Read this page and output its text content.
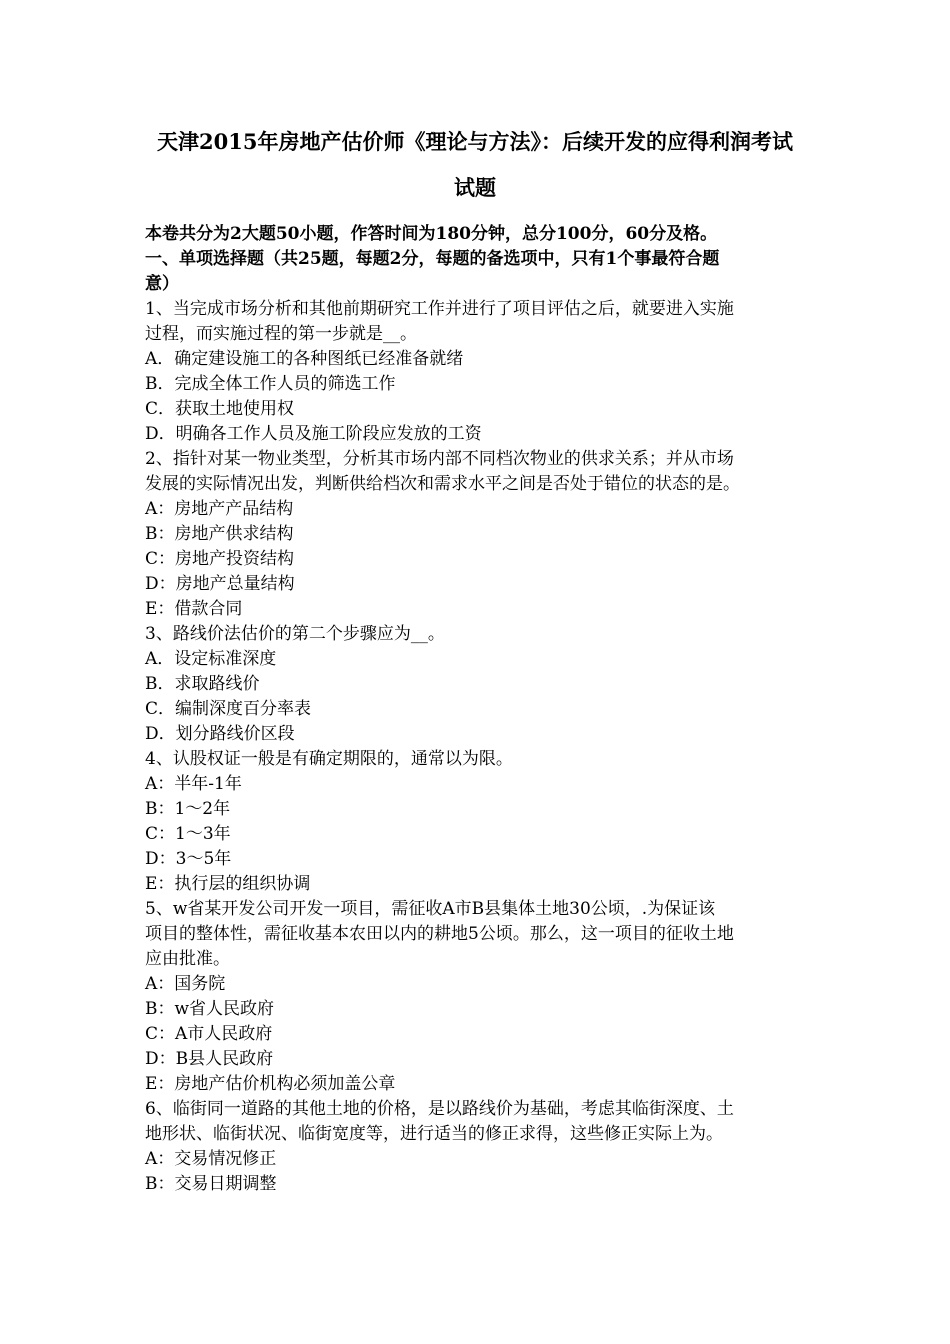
天津2015年房地产估价师《理论与方法》：后续开发的应得利润考试
试题
本卷共分为2大题50小题，作答时间为180分钟，总分100分，60分及格。
一、单项选择题（共25题，每题2分，每题的备选项中，只有1个事最符合题
意）
1、当完成市场分析和其他前期研究工作并进行了项目评估之后，就要进入实施
过程，而实施过程的第一步就是__。
A．确定建设施工的各种图纸已经准备就绪
B．完成全体工作人员的筛选工作
C．获取土地使用权
D．明确各工作人员及施工阶段应发放的工资
2、指针对某一物业类型，分析其市场内部不同档次物业的供求关系；并从市场
发展的实际情况出发，判断供给档次和需求水平之间是否处于错位的状态的是。
A：房地产产品结构
B：房地产供求结构
C：房地产投资结构
D：房地产总量结构
E：借款合同
3、路线价法估价的第二个步骤应为__。
A．设定标准深度
B．求取路线价
C．编制深度百分率表
D．划分路线价区段
4、认股权证一般是有确定期限的，通常以为限。
A：半年-1年
B：1～2年
C：1～3年
D：3～5年
E：执行层的组织协调
5、w省某开发公司开发一项目，需征收A市B县集体土地30公顷，.为保证该
项目的整体性，需征收基本农田以内的耕地5公顷。那么，这一项目的征收土地
应由批准。
A：国务院
B：w省人民政府
C：A市人民政府
D：B县人民政府
E：房地产估价机构必须加盖公章
6、临街同一道路的其他土地的价格，是以路线价为基础，考虑其临街深度、土
地形状、临街状况、临街宽度等，进行适当的修正求得，这些修正实际上为。
A：交易情况修正
B：交易日期调整
